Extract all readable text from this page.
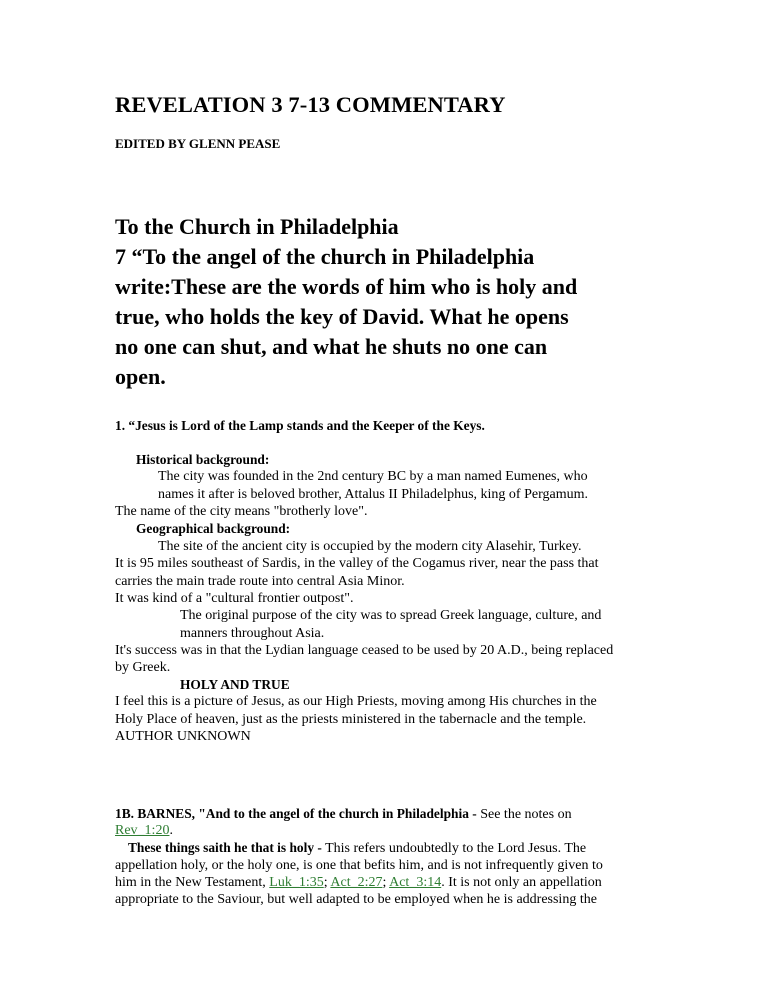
REVELATION 3 7-13 COMMENTARY
EDITED BY GLENN PEASE
To the Church in Philadelphia
7 “To the angel of the church in Philadelphia
write:These are the words of him who is holy and
true, who holds the key of David. What he opens
no one can shut, and what he shuts no one can
open.
1. “Jesus is Lord of the Lamp stands and the Keeper of the Keys.
Historical background:
The city was founded in the 2nd century BC by a man named Eumenes, who
names it after is beloved brother, Attalus II Philadelphus, king of Pergamum.
The name of the city means "brotherly love".
Geographical background:
The site of the ancient city is occupied by the modern city Alasehir, Turkey.
It is 95 miles southeast of Sardis, in the valley of the Cogamus river, near the pass that
carries the main trade route into central Asia Minor.
It was kind of a "cultural frontier outpost".
The original purpose of the city was to spread Greek language, culture, and
manners throughout Asia.
It's success was in that the Lydian language ceased to be used by 20 A.D., being replaced
by Greek.
HOLY AND TRUE
I feel this is a picture of Jesus, as our High Priests, moving among His churches in the
Holy Place of heaven, just as the priests ministered in the tabernacle and the temple.
AUTHOR UNKNOWN
1B. BARNES, "And to the angel of the church in Philadelphia - See the notes on
Rev_1:20.
These things saith he that is holy - This refers undoubtedly to the Lord Jesus. The
appellation holy, or the holy one, is one that befits him, and is not infrequently given to
him in the New Testament, Luk_1:35; Act_2:27; Act_3:14. It is not only an appellation
appropriate to the Saviour, but well adapted to be employed when he is addressing the
